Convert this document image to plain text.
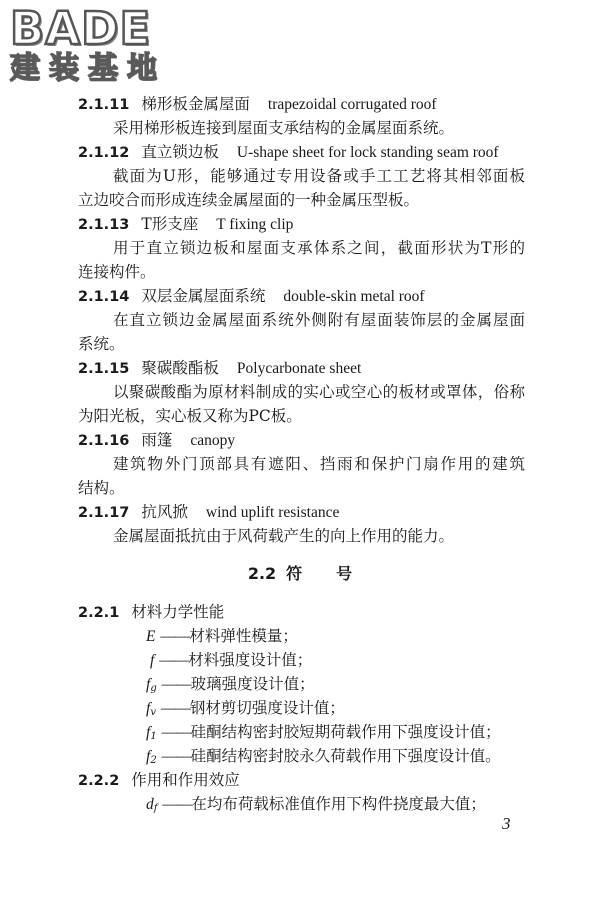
BADE
建装基地
2.1.11 梯形板金属屋面 trapezoidal corrugated roof
采用梯形板连接到屋面支承结构的金属屋面系统。
2.1.12 直立锁边板 U-shape sheet for lock standing seam roof
截面为U形，能够通过专用设备或手工工艺将其相邻面板
立边咬合而形成连续金属屋面的一种金属压型板。
2.1.13 T形支座 T fixing clip
用于直立锁边板和屋面支承体系之间，截面形状为T形的
连接构件。
2.1.14 双层金属屋面系统 double-skin metal roof
在直立锁边金属屋面系统外侧附有屋面装饰层的金属屋面
系统。
2.1.15 聚碳酸酯板 Polycarbonate sheet
以聚碳酸酯为原材料制成的实心或空心的板材或罩体，俗称
为阳光板，实心板又称为PC板。
2.1.16 雨篷 canopy
建筑物外门顶部具有遮阳、挡雨和保护门扇作用的建筑
结构。
2.1.17 抗风掀 wind uplift resistance
金属屋面抵抗由于风荷载产生的向上作用的能力。
2.2 符 号
2.2.1 材料力学性能
E ——材料弹性模量；
f ——材料强度设计值；
$f_g$ ——玻璃强度设计值；
$f_v$ ——钢材剪切强度设计值；
$f_1$ ——硅酮结构密封胶短期荷载作用下强度设计值；
$f_2$ ——硅酮结构密封胶永久荷载作用下强度设计值。
2.2.2 作用和作用效应
$d_f$ ——在均布荷载标准值作用下构件挠度最大值；
3
